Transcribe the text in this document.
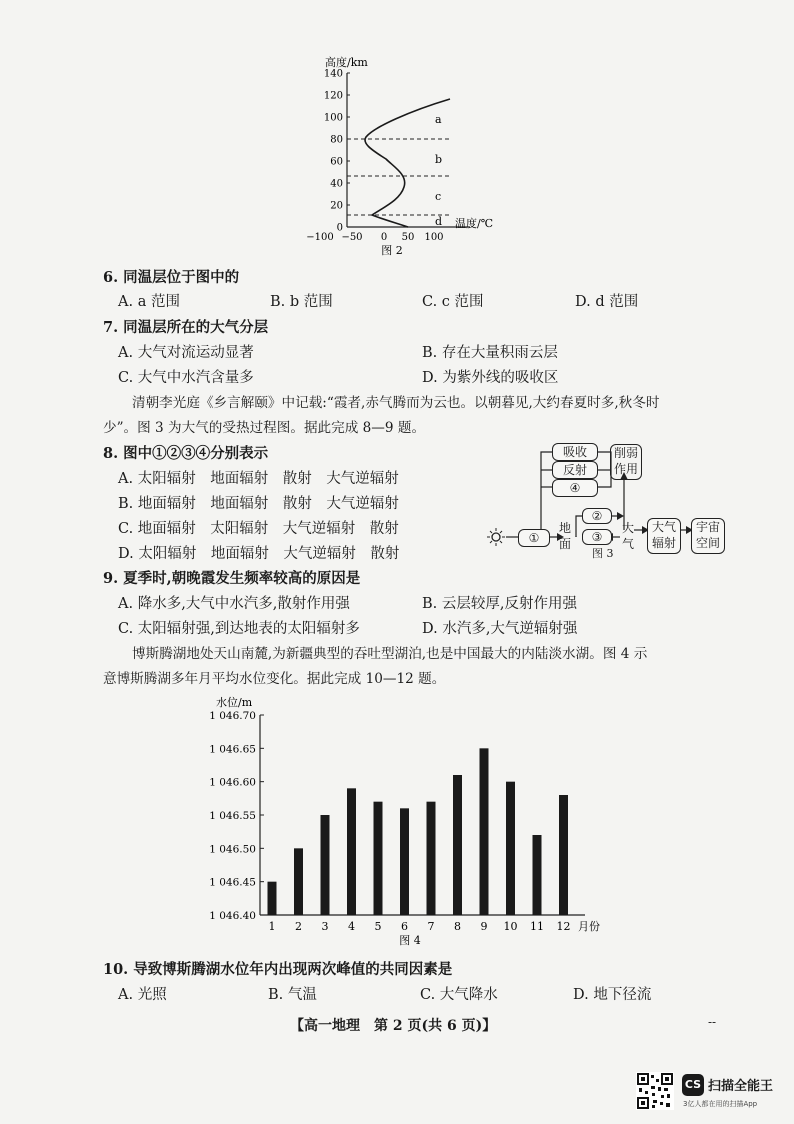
高度/km
140
120
100
80
60
40
20
0
a
b
c
d 温度/℃
−100 −50 0 50 100
图 2
6. 同温层位于图中的
A. a 范围	B. b 范围	C. c 范围	D. d 范围
7. 同温层所在的大气分层
A. 大气对流运动显著	B. 存在大量积雨云层
C. 大气中水汽含量多	D. 为紫外线的吸收区
清朝李光庭《乡言解颐》中记载:“霞者,赤气腾而为云也。以朝暮见,大约春夏时多,秋冬时
少”。图 3 为大气的受热过程图。据此完成 8—9 题。
8. 图中①②③④分别表示
A. 太阳辐射　地面辐射　散射　大气逆辐射
B. 地面辐射　地面辐射　散射　大气逆辐射
C. 地面辐射　太阳辐射　大气逆辐射　散射
D. 太阳辐射　地面辐射　大气逆辐射　散射
吸收
反射
④
削弱
作用
①
地
面
②
③
大
气
大气
辐射
宇宙
空间
图 3
9. 夏季时,朝晚霞发生频率较高的原因是
A. 降水多,大气中水汽多,散射作用强	B. 云层较厚,反射作用强
C. 太阳辐射强,到达地表的太阳辐射多	D. 水汽多,大气逆辐射强
博斯腾湖地处天山南麓,为新疆典型的吞吐型湖泊,也是中国最大的内陆淡水湖。图 4 示
意博斯腾湖多年月平均水位变化。据此完成 10—12 题。
水位/m
1 046.70
1 046.65
1 046.60
1 046.55
1 046.50
1 046.45
1 046.40
1 2 3 4 5 6 7 8 9 10 11 12 月份
图 4
10. 导致博斯腾湖水位年内出现两次峰值的共同因素是
A. 光照	B. 气温	C. 大气降水	D. 地下径流
【高一地理　第 2 页(共 6 页)】	--
CS 扫描全能王
3亿人都在用的扫描App
